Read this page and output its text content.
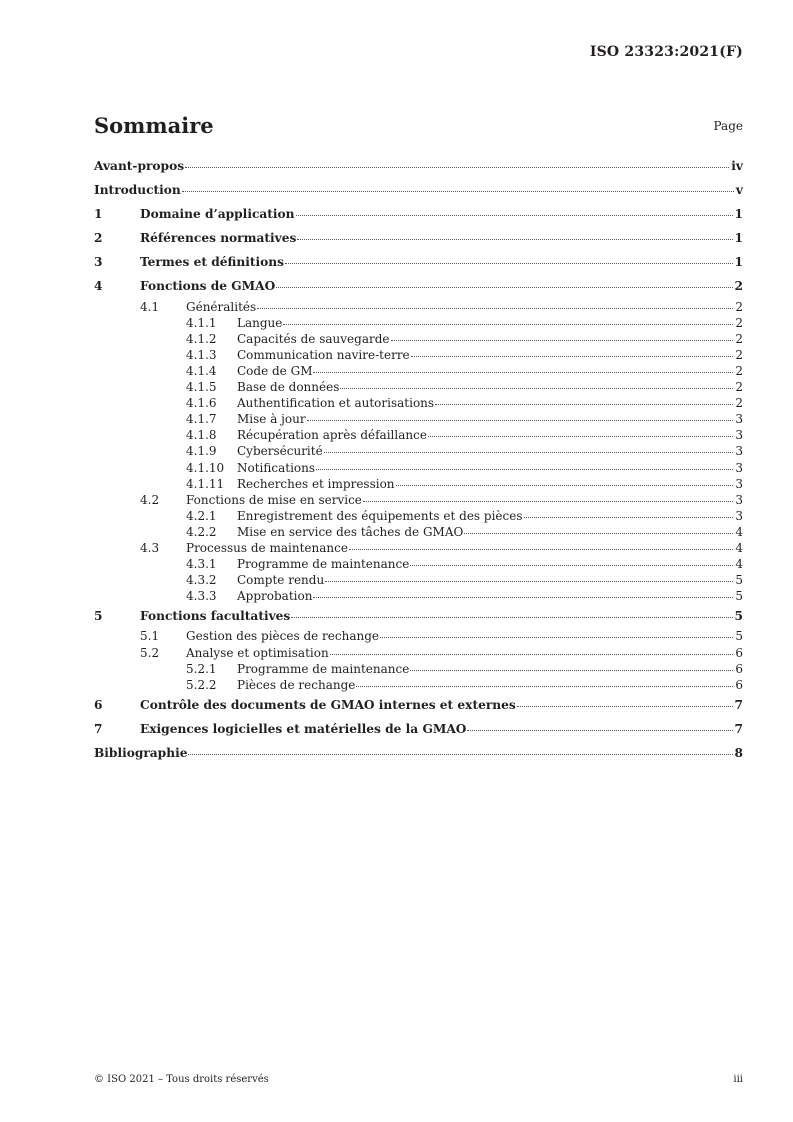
ISO 23323:2021(F)
Sommaire	Page
Avant-propos	iv
Introduction	v
1	Domaine d’application	1
2	Références normatives	1
3	Termes et définitions	1
4	Fonctions de GMAO	2
4.1	Généralités	2
4.1.1	Langue	2
4.1.2	Capacités de sauvegarde	2
4.1.3	Communication navire-terre	2
4.1.4	Code de GM	2
4.1.5	Base de données	2
4.1.6	Authentification et autorisations	2
4.1.7	Mise à jour	3
4.1.8	Récupération après défaillance	3
4.1.9	Cybersécurité	3
4.1.10	Notifications	3
4.1.11	Recherches et impression	3
4.2	Fonctions de mise en service	3
4.2.1	Enregistrement des équipements et des pièces	3
4.2.2	Mise en service des tâches de GMAO	4
4.3	Processus de maintenance	4
4.3.1	Programme de maintenance	4
4.3.2	Compte rendu	5
4.3.3	Approbation	5
5	Fonctions facultatives	5
5.1	Gestion des pièces de rechange	5
5.2	Analyse et optimisation	6
5.2.1	Programme de maintenance	6
5.2.2	Pièces de rechange	6
6	Contrôle des documents de GMAO internes et externes	7
7	Exigences logicielles et matérielles de la GMAO	7
Bibliographie	8
© ISO 2021 – Tous droits réservés	iii
